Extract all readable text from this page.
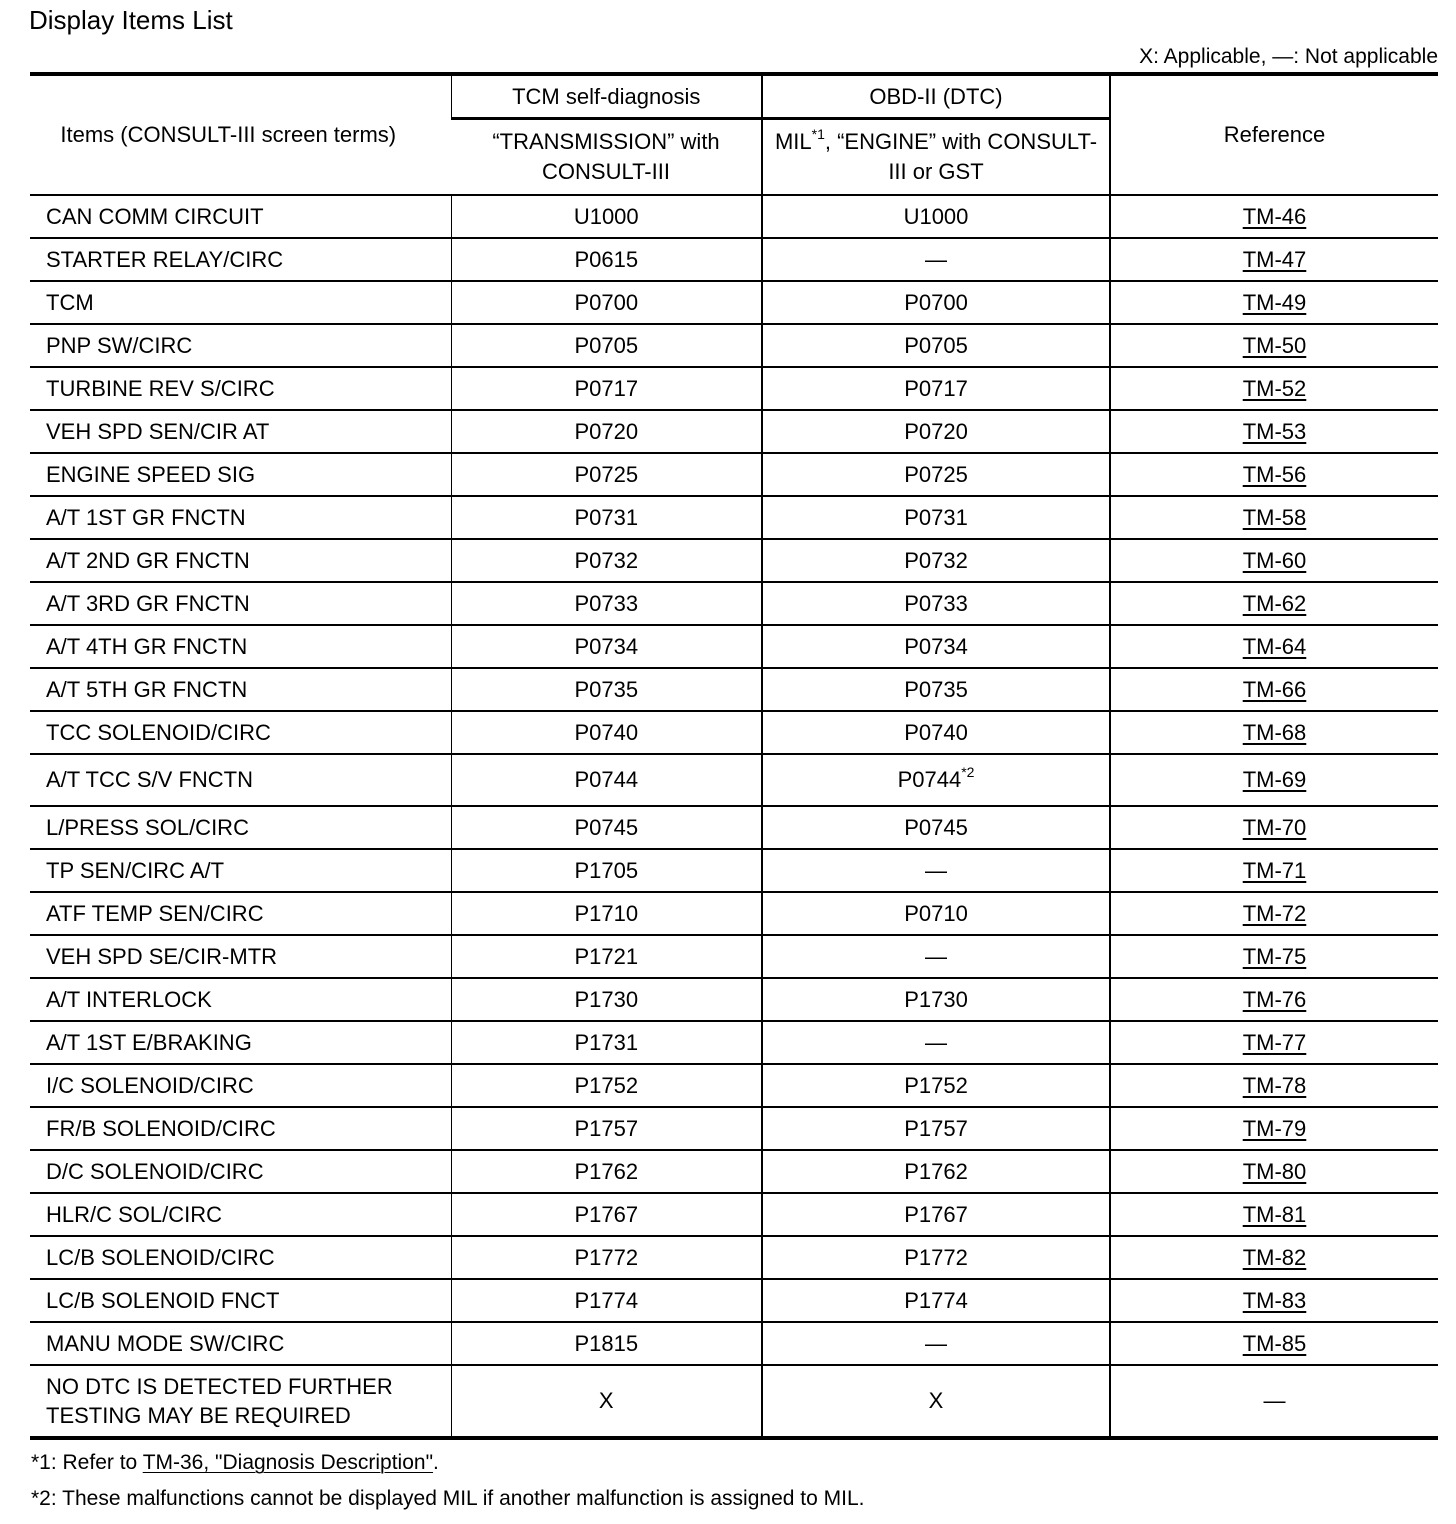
Display Items List
X: Applicable, —: Not applicable
Items (CONSULT-III screen terms)	TCM self-diagnosis	OBD-II (DTC)	Reference
	“TRANSMISSION” with CONSULT-III	MIL$^{*1}$, “ENGINE” with CONSULT-III or GST	
CAN COMM CIRCUIT	U1000	U1000	TM-46
STARTER RELAY/CIRC	P0615	—	TM-47
TCM	P0700	P0700	TM-49
PNP SW/CIRC	P0705	P0705	TM-50
TURBINE REV S/CIRC	P0717	P0717	TM-52
VEH SPD SEN/CIR AT	P0720	P0720	TM-53
ENGINE SPEED SIG	P0725	P0725	TM-56
A/T 1ST GR FNCTN	P0731	P0731	TM-58
A/T 2ND GR FNCTN	P0732	P0732	TM-60
A/T 3RD GR FNCTN	P0733	P0733	TM-62
A/T 4TH GR FNCTN	P0734	P0734	TM-64
A/T 5TH GR FNCTN	P0735	P0735	TM-66
TCC SOLENOID/CIRC	P0740	P0740	TM-68
A/T TCC S/V FNCTN	P0744	P0744$^{*2}$	TM-69
L/PRESS SOL/CIRC	P0745	P0745	TM-70
TP SEN/CIRC A/T	P1705	—	TM-71
ATF TEMP SEN/CIRC	P1710	P0710	TM-72
VEH SPD SE/CIR-MTR	P1721	—	TM-75
A/T INTERLOCK	P1730	P1730	TM-76
A/T 1ST E/BRAKING	P1731	—	TM-77
I/C SOLENOID/CIRC	P1752	P1752	TM-78
FR/B SOLENOID/CIRC	P1757	P1757	TM-79
D/C SOLENOID/CIRC	P1762	P1762	TM-80
HLR/C SOL/CIRC	P1767	P1767	TM-81
LC/B SOLENOID/CIRC	P1772	P1772	TM-82
LC/B SOLENOID FNCT	P1774	P1774	TM-83
MANU MODE SW/CIRC	P1815	—	TM-85

NO DTC IS DETECTED FURTHER
TESTING MAY BE REQUIRED	X	X	—
*1: Refer to TM-36, "Diagnosis Description".
*2: These malfunctions cannot be displayed MIL if another malfunction is assigned to MIL.
